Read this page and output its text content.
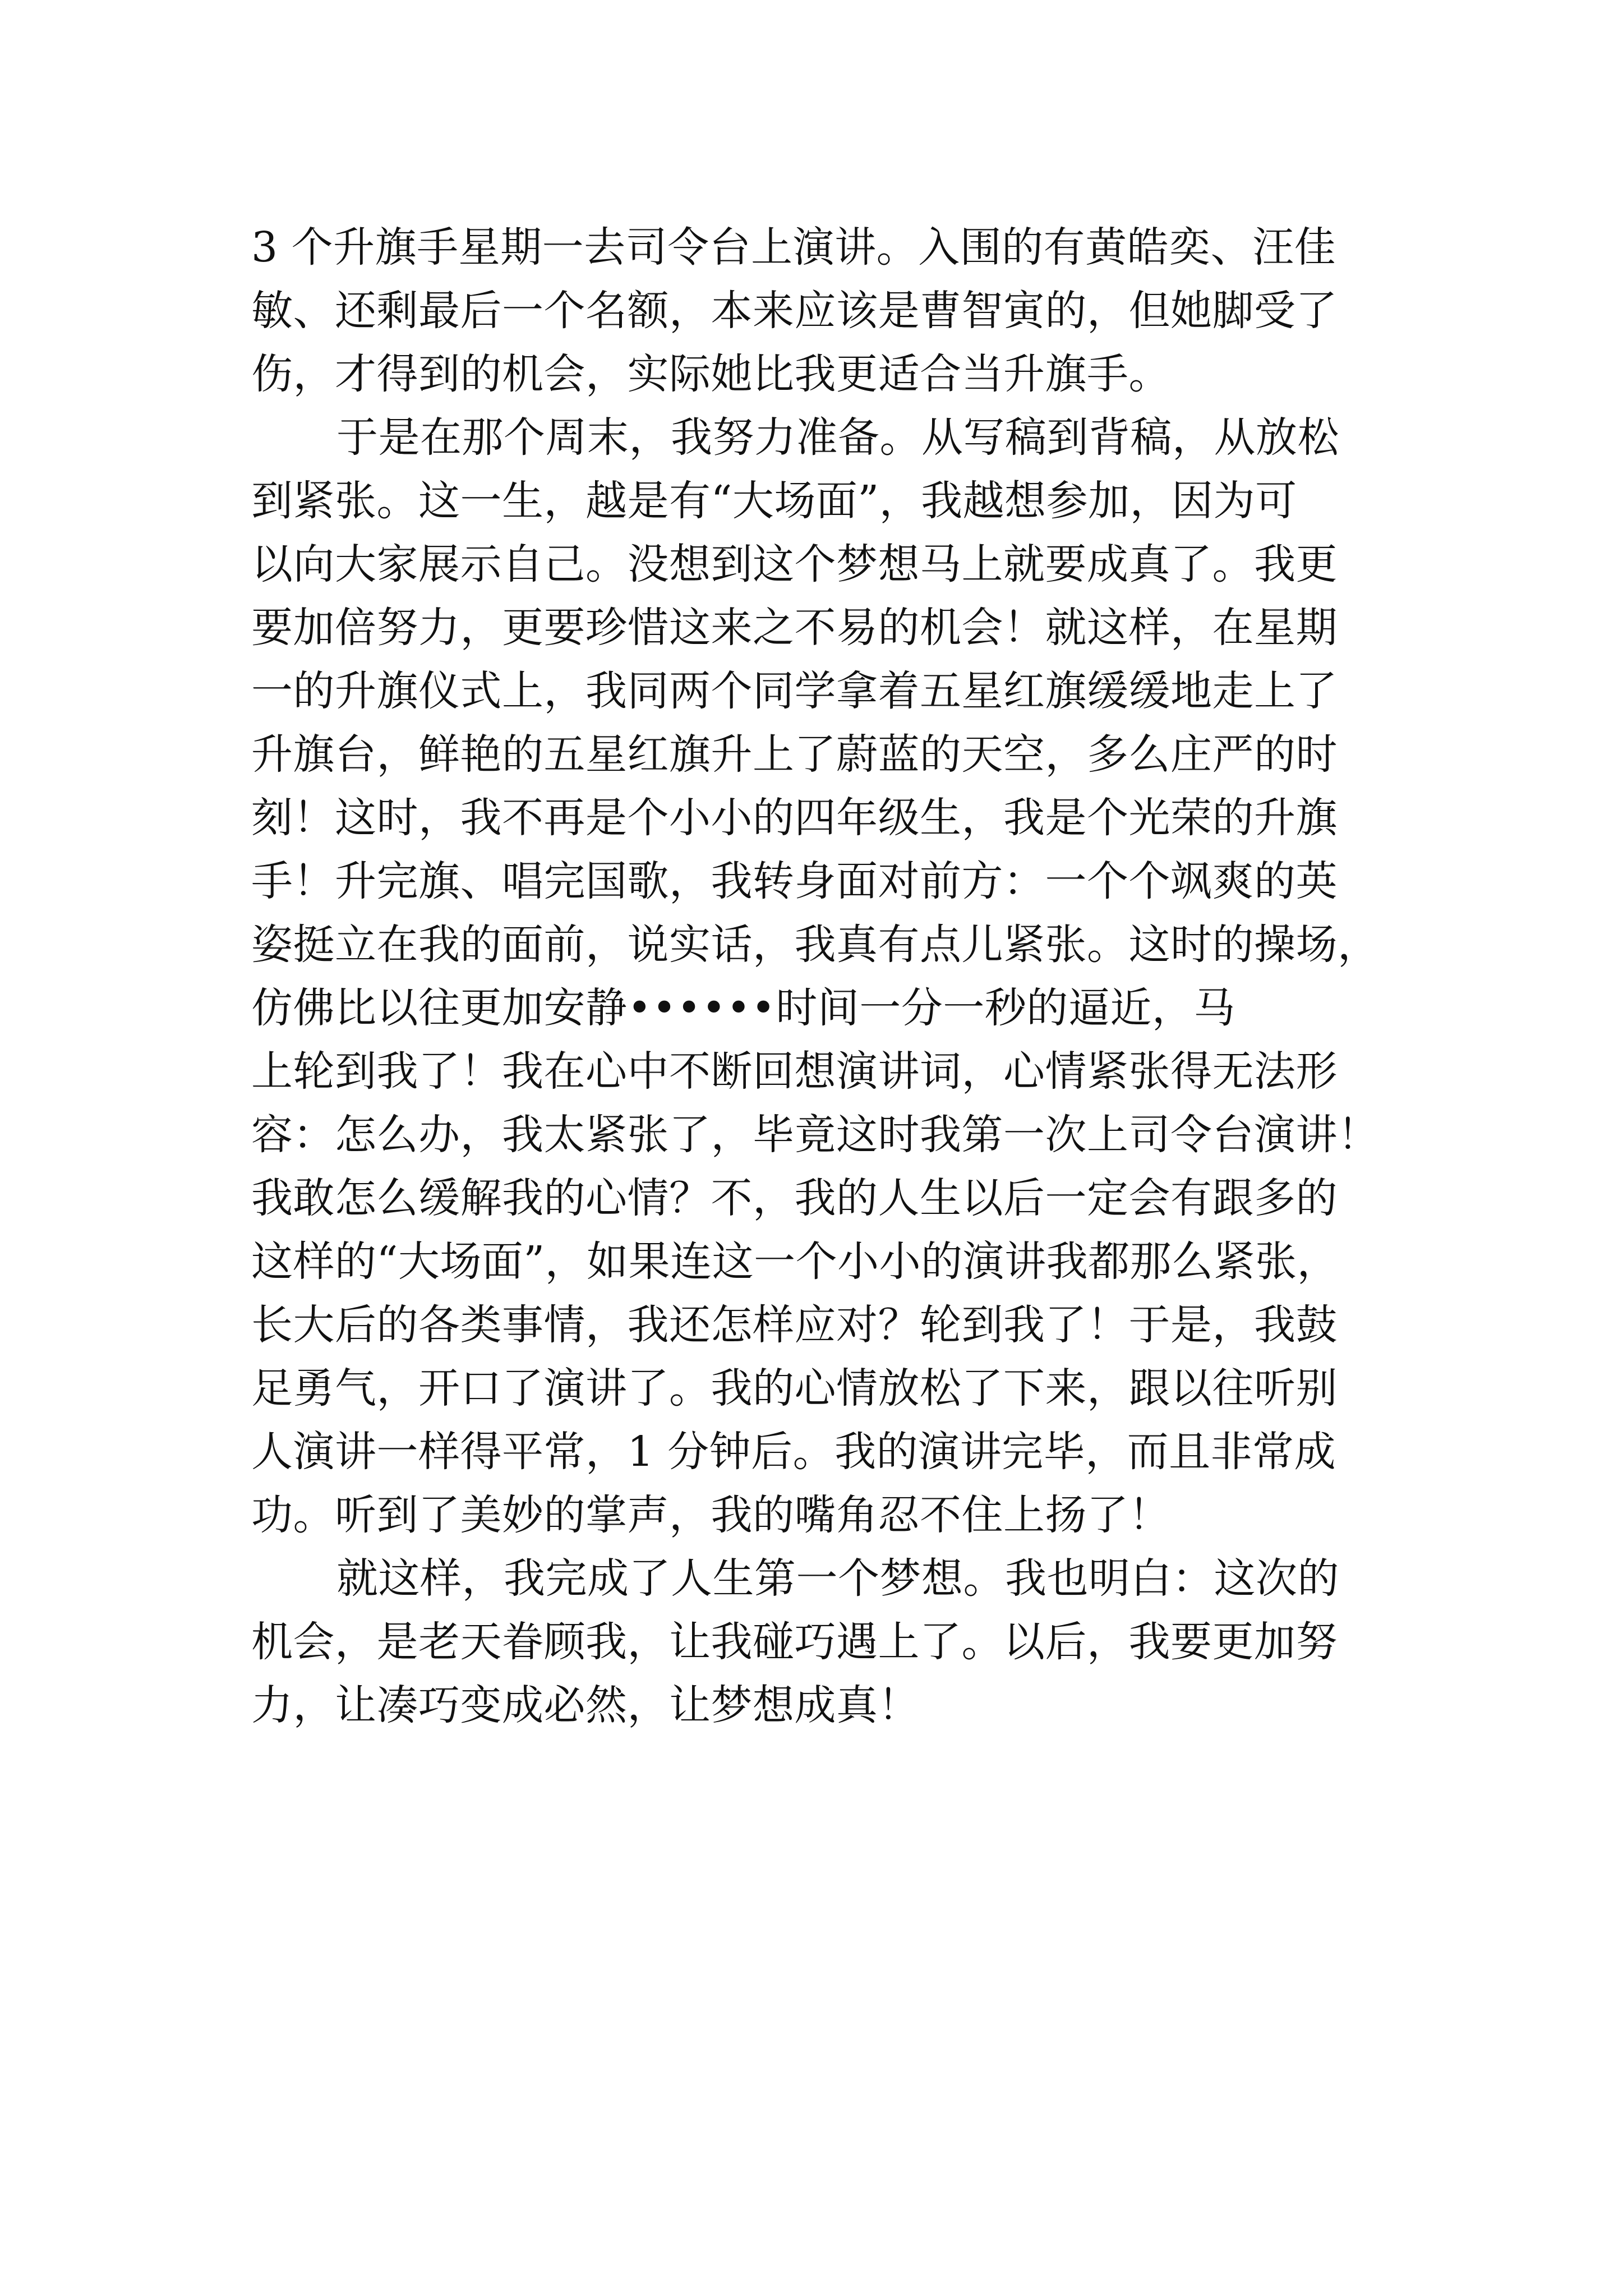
3 个升旗手星期一去司令台上演讲。入围的有黄皓奕、汪佳
敏、还剩最后一个名额，本来应该是曹智寅的，但她脚受了
伤，才得到的机会，实际她比我更适合当升旗手。
于是在那个周末，我努力准备。从写稿到背稿，从放松
到紧张。这一生，越是有“大场面”，我越想参加，因为可
以向大家展示自己。没想到这个梦想马上就要成真了。我更
要加倍努力，更要珍惜这来之不易的机会！就这样，在星期
一的升旗仪式上，我同两个同学拿着五星红旗缓缓地走上了
升旗台，鲜艳的五星红旗升上了蔚蓝的天空，多么庄严的时
刻！这时，我不再是个小小的四年级生，我是个光荣的升旗
手！升完旗、唱完国歌，我转身面对前方：一个个飒爽的英
姿挺立在我的面前，说实话，我真有点儿紧张。这时的操场，
仿佛比以往更加安静••••••时间一分一秒的逼近，马
上轮到我了！我在心中不断回想演讲词，心情紧张得无法形
容：怎么办，我太紧张了，毕竟这时我第一次上司令台演讲！
我敢怎么缓解我的心情？不，我的人生以后一定会有跟多的
这样的“大场面”，如果连这一个小小的演讲我都那么紧张，
长大后的各类事情，我还怎样应对？轮到我了！于是，我鼓
足勇气，开口了演讲了。我的心情放松了下来，跟以往听别
人演讲一样得平常，1 分钟后。我的演讲完毕，而且非常成
功。听到了美妙的掌声，我的嘴角忍不住上扬了！
就这样，我完成了人生第一个梦想。我也明白：这次的
机会，是老天眷顾我，让我碰巧遇上了。以后，我要更加努
力，让凑巧变成必然，让梦想成真！
